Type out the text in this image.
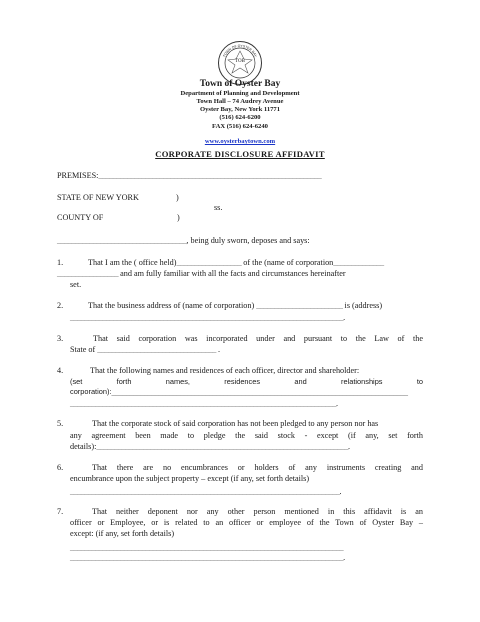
TOB
TOWN OF OYSTER BAY
Town of Oyster Bay
Department of Planning and Development
Town Hall – 74 Audrey Avenue
Oyster Bay, New York 11771
(516) 624-6200
FAX (516) 624-6240
www.oysterbaytown.com
CORPORATE DISCLOSURE AFFIDAVIT
PREMISES:______________________________________________________________
STATE OF NEW YORK	)
ss.
COUNTY OF	)
____________________________________, being duly sworn, deposes and says:
1.	That I am the ( office held)__________________ of the (name of corporation______________
_________________ and am fully familiar with all the facts and circumstances hereinafter
set.
2.	That the business address of (name of corporation) ________________________ is (address)
____________________________________________________________________________.
3.	That said corporation was incorporated under and pursuant to the Law of the
State of _________________________________ .
4.	That the following names and residences of each officer, director and shareholder:
(set forth names, residences and relationships to
corporation):__________________________________________________________________________________
__________________________________________________________________________.
5.	That the corporate stock of said corporation has not been pledged to any person nor has
any agreement been made to pledge the said stock - except (if any, set forth
details):______________________________________________________________________.
6.	That there are no encumbrances or holders of any instruments creating and
encumbrance upon the subject property – except (if any, set forth details)
___________________________________________________________________________.
7.	That neither deponent nor any other person mentioned in this affidavit is an
officer or Employee, or is related to an officer or employee of the Town of Oyster Bay –
except: (if any, set forth details)
____________________________________________________________________________
____________________________________________________________________________.
